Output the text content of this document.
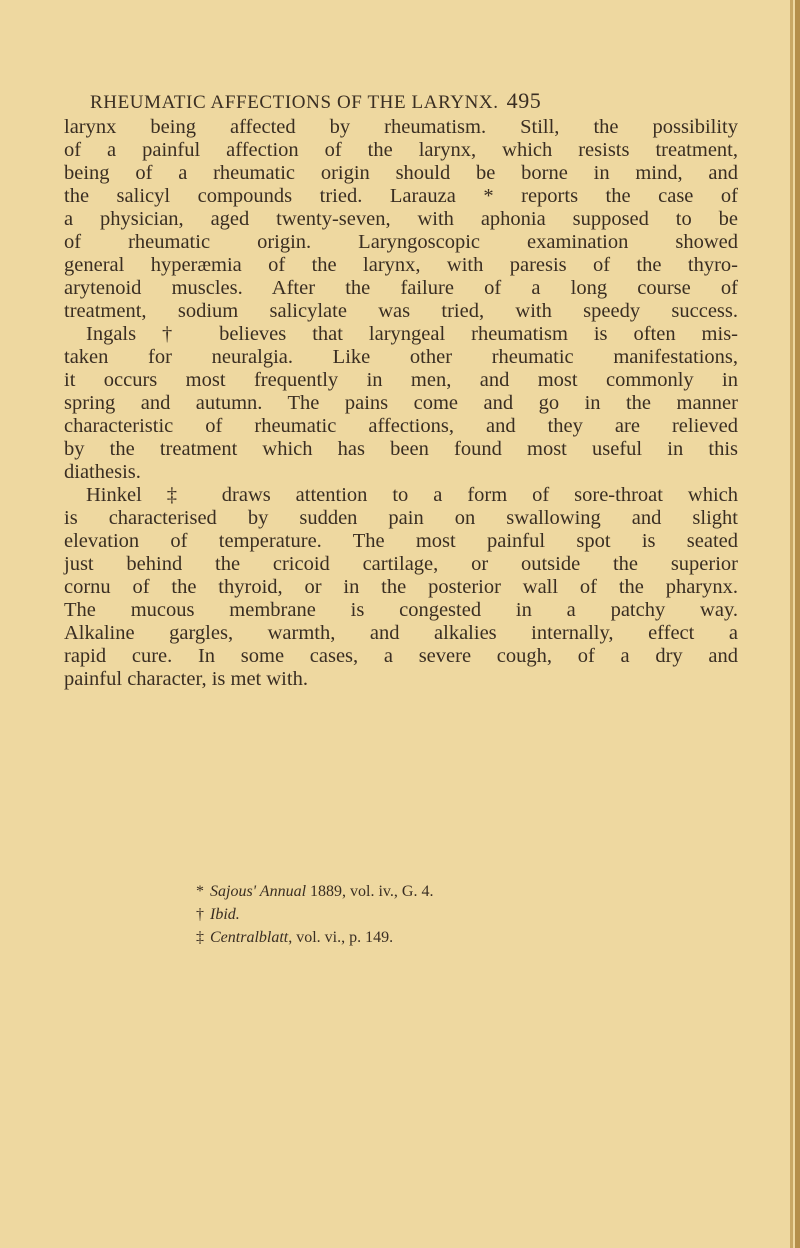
RHEUMATIC AFFECTIONS OF THE LARYNX. 495
larynx being affected by rheumatism. Still, the possibility
of a painful affection of the larynx, which resists treatment,
being of a rheumatic origin should be borne in mind, and
the salicyl compounds tried. Larauza * reports the case of
a physician, aged twenty-seven, with aphonia supposed to be
of rheumatic origin. Laryngoscopic examination showed
general hyperæmia of the larynx, with paresis of the thyro-
arytenoid muscles. After the failure of a long course of
treatment, sodium salicylate was tried, with speedy success.
Ingals † believes that laryngeal rheumatism is often mis-
taken for neuralgia. Like other rheumatic manifestations,
it occurs most frequently in men, and most commonly in
spring and autumn. The pains come and go in the manner
characteristic of rheumatic affections, and they are relieved
by the treatment which has been found most useful in this
diathesis.
Hinkel ‡ draws attention to a form of sore-throat which
is characterised by sudden pain on swallowing and slight
elevation of temperature. The most painful spot is seated
just behind the cricoid cartilage, or outside the superior
cornu of the thyroid, or in the posterior wall of the pharynx.
The mucous membrane is congested in a patchy way.
Alkaline gargles, warmth, and alkalies internally, effect a
rapid cure. In some cases, a severe cough, of a dry and
painful character, is met with.
* Sajous' Annual 1889, vol. iv., G. 4.
† Ibid.
‡ Centralblatt, vol. vi., p. 149.
